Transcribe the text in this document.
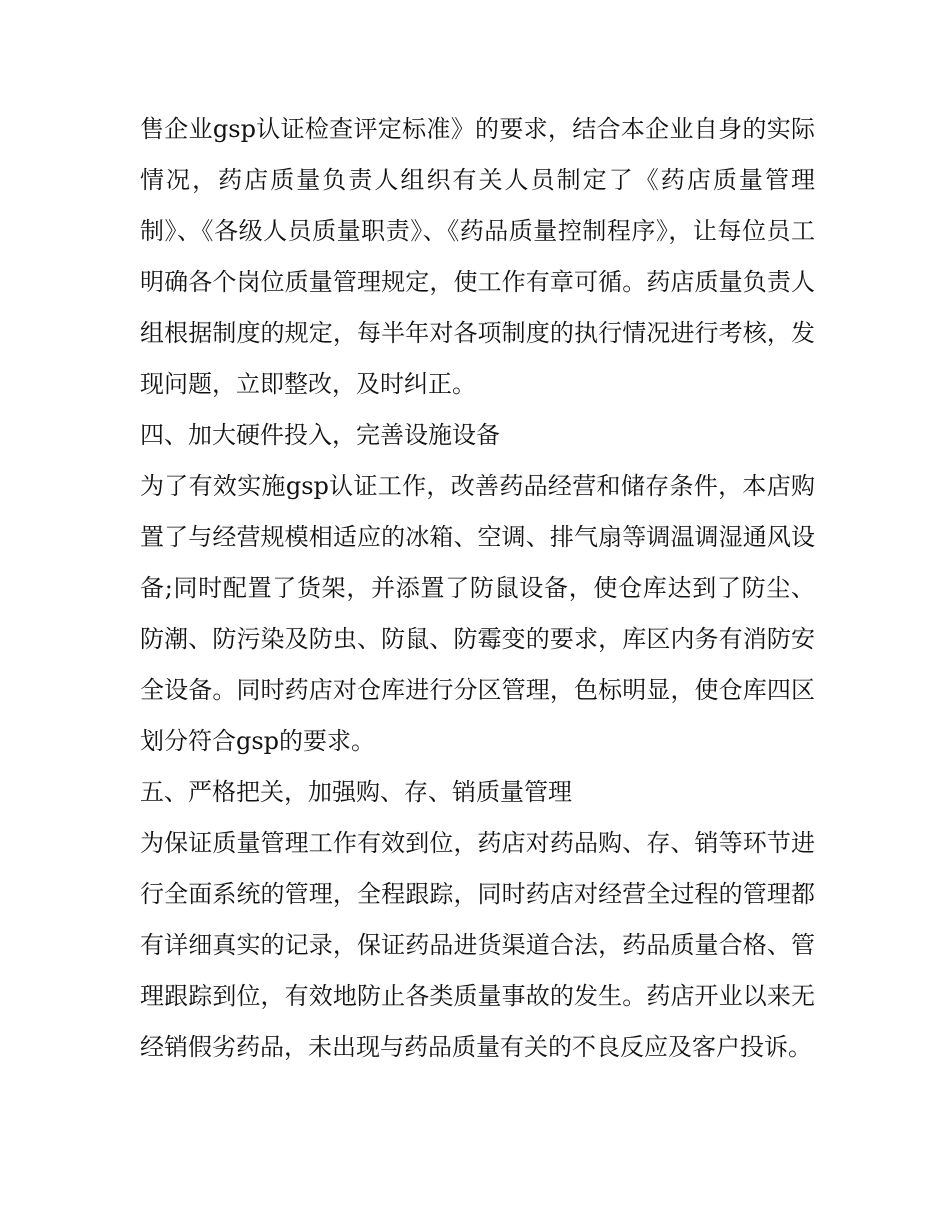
售企业gsp认证检查评定标准》的要求，结合本企业自身的实际情况，药店质量负责人组织有关人员制定了《药店质量管理制》、《各级人员质量职责》、《药品质量控制程序》，让每位员工明确各个岗位质量管理规定，使工作有章可循。药店质量负责人组根据制度的规定，每半年对各项制度的执行情况进行考核，发现问题，立即整改，及时纠正。

四、加大硬件投入，完善设施设备

为了有效实施gsp认证工作，改善药品经营和储存条件，本店购置了与经营规模相适应的冰箱、空调、排气扇等调温调湿通风设备;同时配置了货架，并添置了防鼠设备，使仓库达到了防尘、防潮、防污染及防虫、防鼠、防霉变的要求，库区内务有消防安全设备。同时药店对仓库进行分区管理，色标明显，使仓库四区划分符合gsp的要求。

五、严格把关，加强购、存、销质量管理

为保证质量管理工作有效到位，药店对药品购、存、销等环节进行全面系统的管理，全程跟踪，同时药店对经营全过程的管理都有详细真实的记录，保证药品进货渠道合法，药品质量合格、管理跟踪到位，有效地防止各类质量事故的发生。药店开业以来无经销假劣药品，未出现与药品质量有关的不良反应及客户投诉。
